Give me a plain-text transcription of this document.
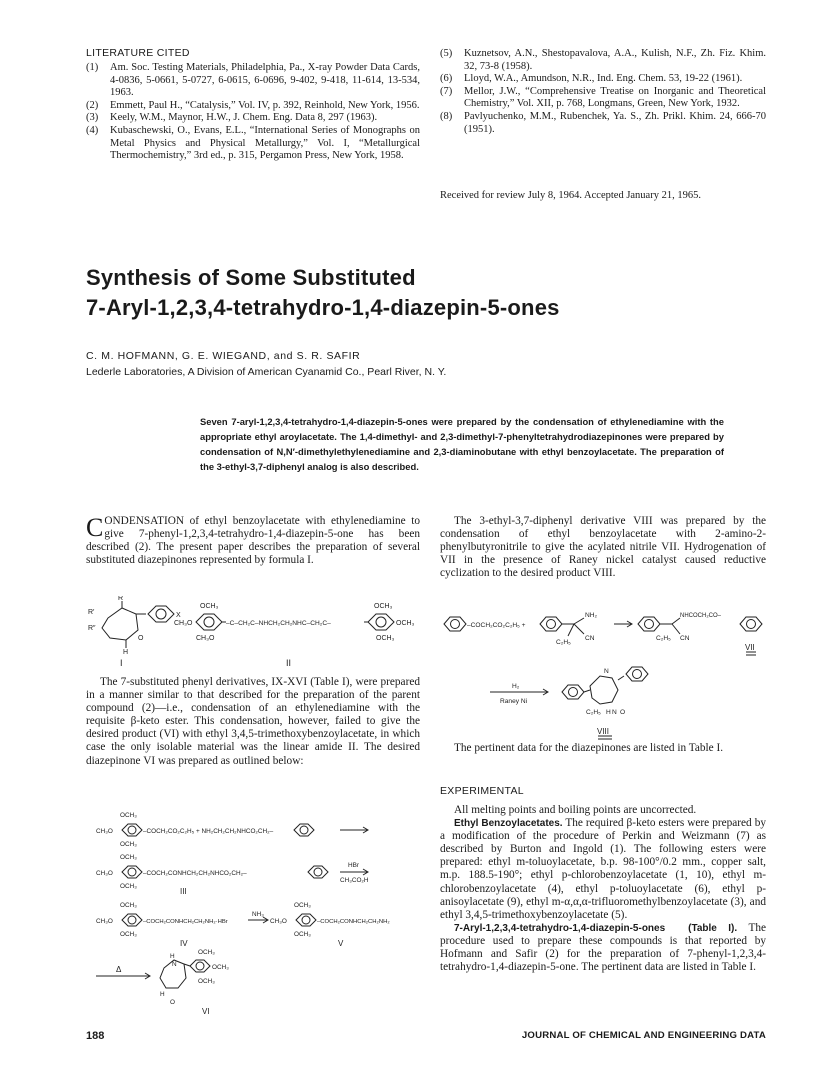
LITERATURE CITED
(1)	Am. Soc. Testing Materials, Philadelphia, Pa., X-ray Powder Data Cards, 4-0836, 5-0661, 5-0727, 6-0615, 6-0696, 9-402, 9-418, 11-614, 13-534, 1963.
(2)	Emmett, Paul H., “Catalysis,” Vol. IV, p. 392, Reinhold, New York, 1956.
(3)	Keely, W.M., Maynor, H.W., J. Chem. Eng. Data 8, 297 (1963).
(4)	Kubaschewski, O., Evans, E.L., “International Series of Monographs on Metal Physics and Physical Metallurgy,” Vol. I, “Metallurgical Thermochemistry,” 3rd ed., p. 315, Pergamon Press, New York, 1958.
(5)	Kuznetsov, A.N., Shestopavalova, A.A., Kulish, N.F., Zh. Fiz. Khim. 32, 73-8 (1958).
(6)	Lloyd, W.A., Amundson, N.R., Ind. Eng. Chem. 53, 19-22 (1961).
(7)	Mellor, J.W., “Comprehensive Treatise on Inorganic and Theoretical Chemistry,” Vol. XII, p. 768, Longmans, Green, New York, 1932.
(8)	Pavlyuchenko, M.M., Rubenchek, Ya. S., Zh. Prikl. Khim. 24, 666-70 (1951).
Received for review July 8, 1964. Accepted January 21, 1965.
Synthesis of Some Substituted
7-Aryl-1,2,3,4-tetrahydro-1,4-diazepin-5-ones
C. M. HOFMANN, G. E. WIEGAND, and S. R. SAFIR
Lederle Laboratories, A Division of American Cyanamid Co., Pearl River, N. Y.
Seven 7-aryl-1,2,3,4-tetrahydro-1,4-diazepin-5-ones were prepared by the condensation of ethylenediamine with the appropriate ethyl aroylacetate. The 1,4-dimethyl- and 2,3-dimethyl-7-phenyltetrahydrodiazepinones were prepared by condensation of N,N′-dimethylethylenediamine and 2,3-diaminobutane with ethyl benzoylacetate. The preparation of the 3-ethyl-3,7-diphenyl analog is also described.

CONDENSATION of ethyl benzoylacetate with ethylenediamine to give 7-phenyl-1,2,3,4-tetrahydro-1,4-diazepin-5-one has been described (2). The present paper describes the preparation of several substituted diazepinones represented by formula I.

R
R′
R″
X
O
H
I
OCH₃
CH₃O
CH₃O
–C–CH₂C–NHCH₂CH₂NHC–CH₂C–
OCH₃
OCH₃
OCH₃
II

The 7-substituted phenyl derivatives, IX-XVI (Table I), were prepared in a manner similar to that described for the preparation of the parent compound (2)—i.e., condensation of an ethylenediamine with the requisite β-keto ester. This condensation, however, failed to give the desired product (VI) with ethyl 3,4,5-trimethoxybenzoylacetate, in which case the only isolable material was the linear amide II. The desired diazepinone VI was prepared as outlined below:

OCH₃
CH₃O
OCH₃
–COCH₂CO₂C₂H₅ + NH₂CH₂CH₂NHCO₂CH₂–
OCH₃
CH₃O
OCH₃
–COCH₂CONHCH₂CH₂NHCO₂CH₂–
HBr
CH₃CO₂H
III
OCH₃
CH₃O
OCH₃
–COCH₂CONHCH₂CH₂NH₂·HBr
NH₃
CH₃O
OCH₃
OCH₃
–COCH₂CONHCH₂CH₂NH₂
IV	V
Δ
H
N
OCH₃
OCH₃
OCH₃
H
O
VI

The 3-ethyl-3,7-diphenyl derivative VIII was prepared by the condensation of ethyl benzoylacetate with 2-amino-2-phenylbutyronitrile to give the acylated nitrile VII. Hydrogenation of VII in the presence of Raney nickel catalyst caused reductive cyclization to the desired product VIII.

–COCH₂CO₂C₂H₅ +
NH₂
CN
C₂H₅
NHCOCH₂CO–
CN
C₂H₅
VII
H₂
Raney Ni
N
C₂H₅ H N O
VIII

The pertinent data for the diazepinones are listed in Table I.

EXPERIMENTAL

All melting points and boiling points are uncorrected.

Ethyl Benzoylacetates. The required β-keto esters were prepared by a modification of the procedure of Perkin and Weizmann (7) as described by Burton and Ingold (1). The following esters were prepared: ethyl m-toluoylacetate, b.p. 98-100°/0.2 mm., copper salt, m.p. 188.5-190°; ethyl p-chlorobenzoylacetate (1, 10), ethyl m-chlorobenzoylacetate (4), ethyl p-toluoylacetate (6), ethyl p-anisoylacetate (9), ethyl m-α,α,α-trifluoromethylbenzoylacetate (3), and ethyl 3,4,5-trimethoxybenzoylacetate (5).

7-Aryl-1,2,3,4-tetrahydro-1,4-diazepin-5-ones (Table I). The procedure used to prepare these compounds is that reported by Hofmann and Safir (2) for the preparation of 7-phenyl-1,2,3,4-tetrahydro-1,4-diazepin-5-one. The pertinent data are listed in Table I.

188	JOURNAL OF CHEMICAL AND ENGINEERING DATA
